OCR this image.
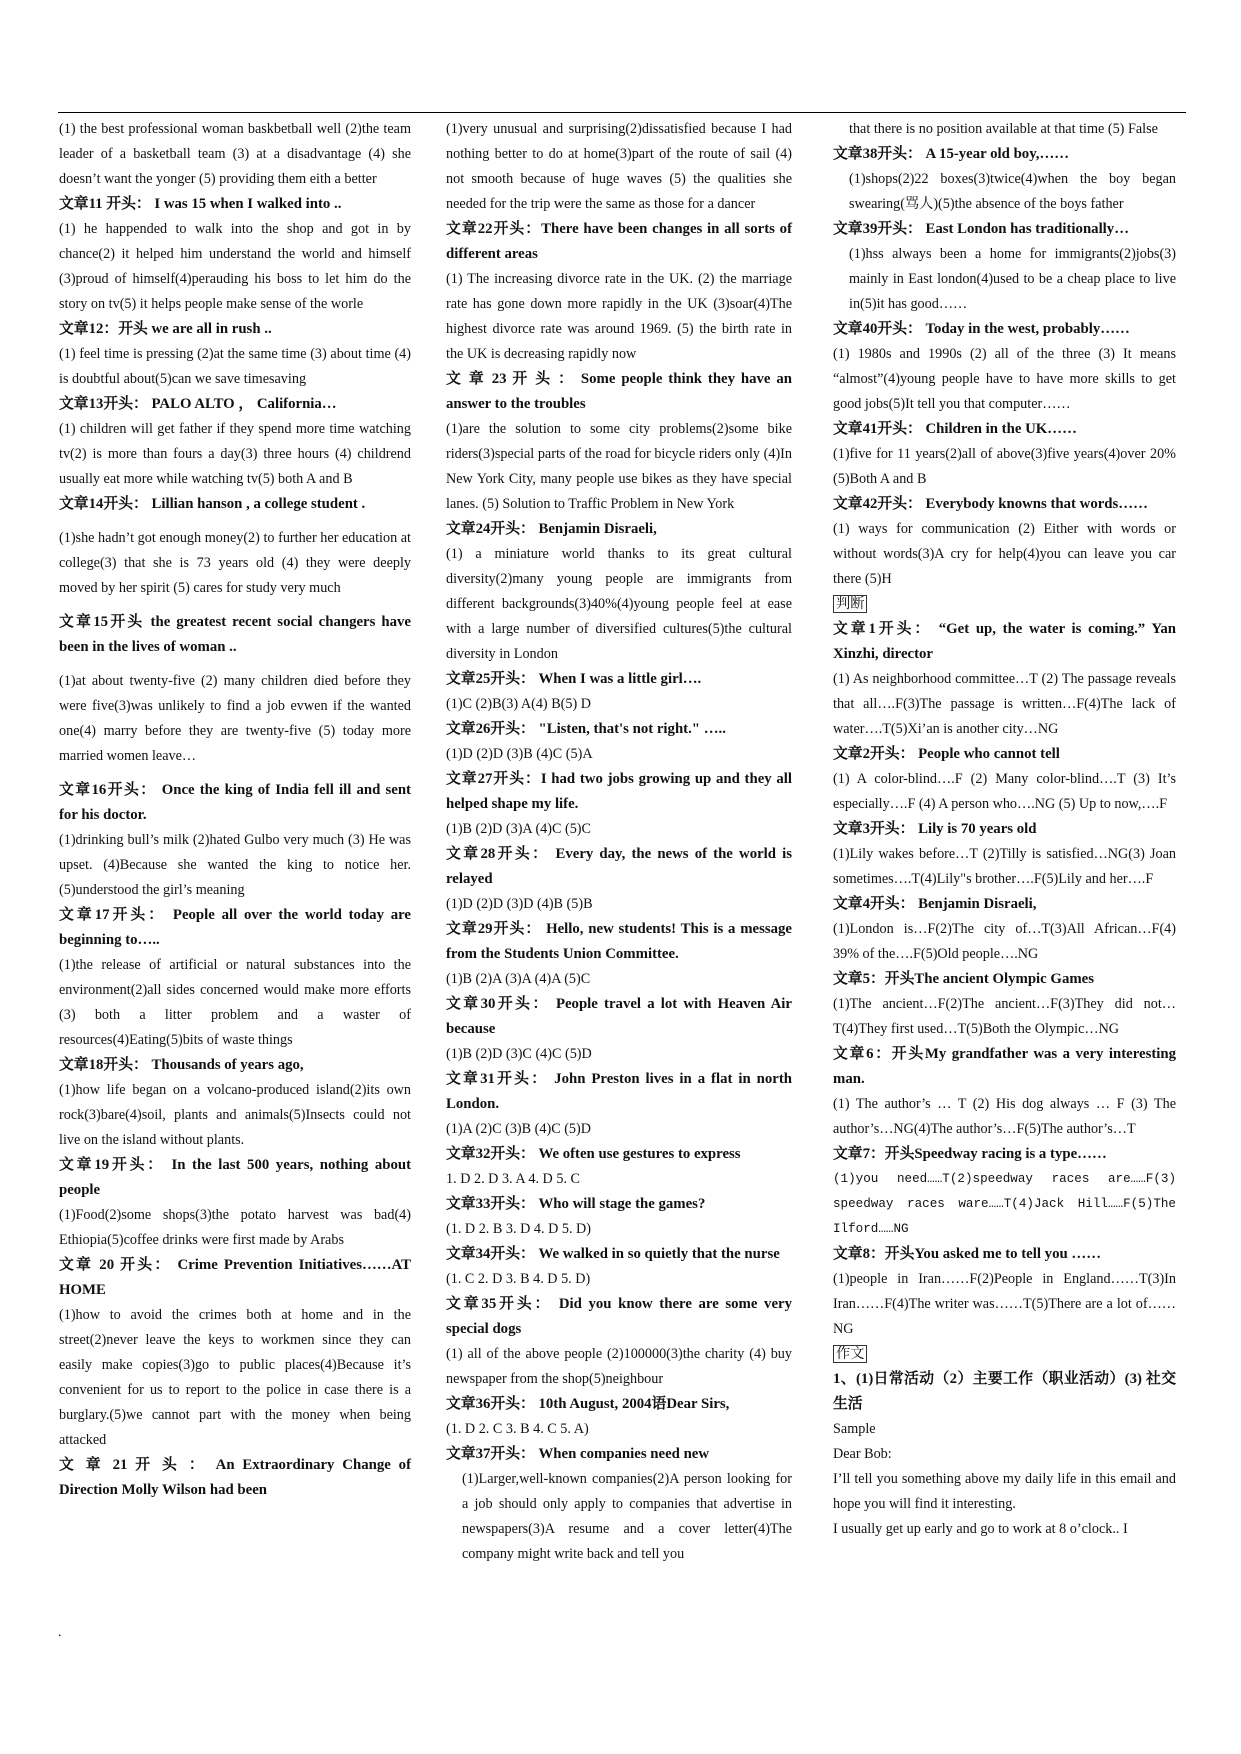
(1) the best professional woman baskbetball well (2)the team leader of a basketball team (3) at a disadvantage (4) she doesn’t want the yonger (5) providing them eith a better

文章11 开头： I was 15 when I walked into ..

(1) he happended to walk into the shop and got in by chance(2) it helped him understand the world and himself (3)proud of himself(4)perauding his boss to let him do the story on tv(5) it helps people make sense of the worle

文章12：开头 we are all in rush ..

(1) feel time is pressing (2)at the same time (3) about time (4) is doubtful about(5)can we save timesaving

文章13开头： PALO ALTO ， California…

(1) children will get father if they spend more time watching tv(2) is more than fours a day(3) three hours (4) childrend usually eat more while watching tv(5) both A and B

文章14开头： Lillian hanson , a college student .

(1)she hadn’t got enough money(2) to further her education at college(3) that she is 73 years old (4) they were deeply moved by her spirit (5) cares for study very much

文章15开头 the greatest recent social changers have been in the lives of woman ..

(1)at about twenty-five (2) many children died before they were five(3)was unlikely to find a job evwen if the wanted one(4) marry before they are twenty-five (5) today more married women leave…

文章16开头： Once the king of India fell ill and sent for his doctor.

(1)drinking bull’s milk (2)hated Gulbo very much (3) He was upset. (4)Because she wanted the king to notice her.(5)understood the girl’s meaning

文章17开头： People all over the world today are beginning to…..

(1)the release of artificial or natural substances into the environment(2)all sides concerned would make more efforts (3) both a litter problem and a waster of resources(4)Eating(5)bits of waste things

文章18开头： Thousands of years ago,

(1)how life began on a volcano-produced island(2)its own rock(3)bare(4)soil, plants and animals(5)Insects could not live on the island without plants.

文章19开头： In the last 500 years, nothing about people

(1)Food(2)some shops(3)the potato harvest was bad(4) Ethiopia(5)coffee drinks were first made by Arabs

文章 20 开头： Crime Prevention Initiatives……AT HOME

(1)how to avoid the crimes both at home and in the street(2)never leave the keys to workmen since they can easily make copies(3)go to public places(4)Because it’s convenient for us to report to the police in case there is a burglary.(5)we cannot part with the money when being attacked

文 章 21 开 头 ： An Extraordinary Change of Direction Molly Wilson had been

(1)very unusual and surprising(2)dissatisfied because I had nothing better to do at home(3)part of the route of sail (4) not smooth because of huge waves (5) the qualities she needed for the trip were the same as those for a dancer

文章22开头：There have been changes in all sorts of different areas

(1) The increasing divorce rate in the UK. (2) the marriage rate has gone down more rapidly in the UK (3)soar(4)The highest divorce rate was around 1969. (5) the birth rate in the UK is decreasing rapidly now

文 章 23 开 头 ： Some people think they have an answer to the troubles

(1)are the solution to some city problems(2)some bike riders(3)special parts of the road for bicycle riders only (4)In New York City, many people use bikes as they have special lanes. (5) Solution to Traffic Problem in New York

文章24开头： Benjamin Disraeli,

(1) a miniature world thanks to its great cultural diversity(2)many young people are immigrants from different backgrounds(3)40%(4)young people feel at ease with a large number of diversified cultures(5)the cultural diversity in London

文章25开头： When I was a little girl….

(1)C (2)B(3) A(4) B(5) D

文章26开头： "Listen, that's not right." …..

(1)D (2)D (3)B (4)C (5)A

文章27开头：I had two jobs growing up and they all helped shape my life.

(1)B (2)D (3)A (4)C (5)C

文章28开头： Every day, the news of the world is relayed

(1)D (2)D (3)D (4)B (5)B

文章29开头： Hello, new students! This is a message from the Students Union Committee.

(1)B (2)A (3)A (4)A (5)C

文章30开头： People travel a lot with Heaven Air because

(1)B (2)D (3)C (4)C (5)D

文章31开头： John Preston lives in a flat in north London.

(1)A (2)C (3)B (4)C (5)D

文章32开头： We often use gestures to express

1. D 2. D 3. A 4. D 5. C

文章33开头： Who will stage the games?

(1. D 2. B 3. D 4. D 5. D)

文章34开头： We walked in so quietly that the nurse

(1. C 2. D 3. B 4. D 5. D)

文章35开头： Did you know there are some very special dogs

(1) all of the above people (2)100000(3)the charity (4) buy newspaper from the shop(5)neighbour

文章36开头： 10th August, 2004语Dear Sirs,

(1. D 2. C 3. B 4. C 5. A)

文章37开头： When companies need new

(1)Larger,well-known companies(2)A person looking for a job should only apply to companies that advertise in newspapers(3)A resume and a cover letter(4)The company might write back and tell you

that there is no position available at that time (5) False

文章38开头： A 15-year old boy,……

(1)shops(2)22 boxes(3)twice(4)when the boy began swearing(骂人)(5)the absence of the boys father

文章39开头： East London has traditionally…

(1)hss always been a home for immigrants(2)jobs(3) mainly in East london(4)used to be a cheap place to live in(5)it has good……

文章40开头： Today in the west, probably……

(1) 1980s and 1990s (2) all of the three (3) It means “almost”(4)young people have to have more skills to get good jobs(5)It tell you that computer……

文章41开头： Children in the UK……

(1)five for 11 years(2)all of above(3)five years(4)over 20%(5)Both A and B

文章42开头： Everybody knowns that words……

(1) ways for communication (2) Either with words or without words(3)A cry for help(4)you can leave you car there (5)H

判断

文章1开头： “Get up, the water is coming.” Yan Xinzhi, director

(1) As neighborhood committee…T (2) The passage reveals that all….F(3)The passage is written…F(4)The lack of water….T(5)Xi’an is another city…NG

文章2开头： People who cannot tell

(1) A color-blind….F (2) Many color-blind….T (3) It’s especially….F (4) A person who….NG (5) Up to now,….F

文章3开头： Lily is 70 years old

(1)Lily wakes before…T (2)Tilly is satisfied…NG(3) Joan sometimes….T(4)Lily"s brother….F(5)Lily and her….F

文章4开头： Benjamin Disraeli,

(1)London is…F(2)The city of…T(3)All African…F(4) 39% of the….F(5)Old people….NG

文章5：开头The ancient Olympic Games

(1)The ancient…F(2)The ancient…F(3)They did not… T(4)They first used…T(5)Both the Olympic…NG

文章6：开头My grandfather was a very interesting man.

(1) The author’s … T (2) His dog always … F (3) The author’s…NG(4)The author’s…F(5)The author’s…T

文章7：开头Speedway racing is a type……

(1)you need……T(2)speedway races are……F(3) speedway races ware……T(4)Jack Hill……F(5)The Ilford……NG

文章8：开头You asked me to tell you ……

(1)people in Iran……F(2)People in England……T(3)In Iran……F(4)The writer was……T(5)There are a lot of……NG

作文

1、(1)日常活动（2）主要工作（职业活动）(3) 社交生活

Sample

Dear Bob:

I’ll tell you something above my daily life in this email and hope you will find it interesting.

I usually get up early and go to work at 8 o’clock.. I

.
